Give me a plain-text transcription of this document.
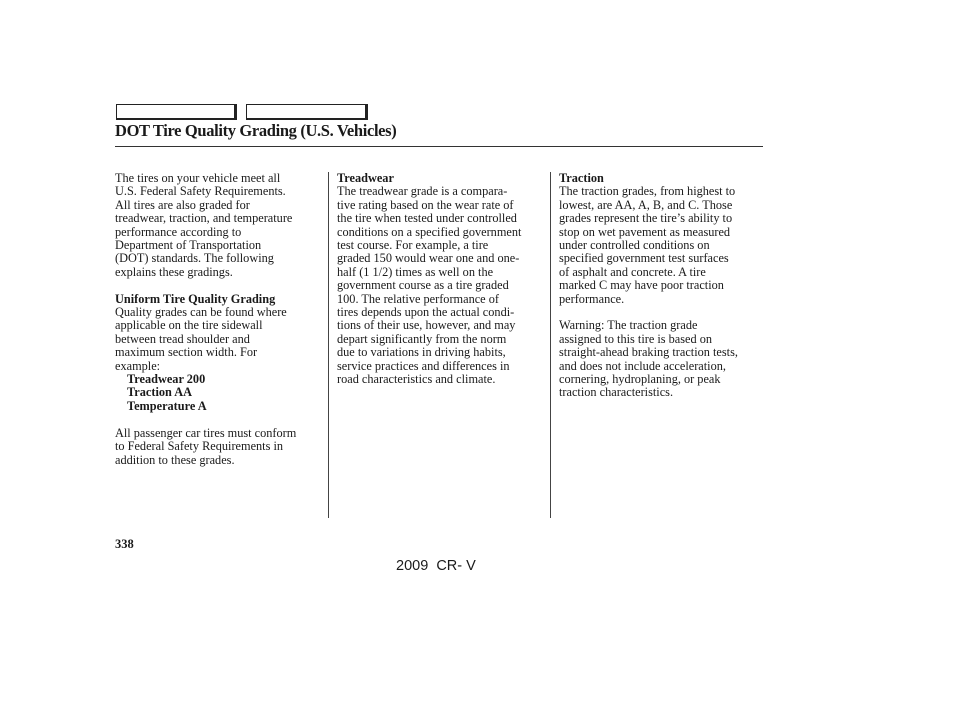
DOT Tire Quality Grading (U.S. Vehicles)
The tires on your vehicle meet all
U.S. Federal Safety Requirements.
All tires are also graded for
treadwear, traction, and temperature
performance according to
Department of Transportation
(DOT) standards. The following
explains these gradings.
Uniform Tire Quality Grading
Quality grades can be found where
applicable on the tire sidewall
between tread shoulder and
maximum section width. For
example:
Treadwear 200
Traction AA
Temperature A
All passenger car tires must conform
to Federal Safety Requirements in
addition to these grades.
Treadwear
The treadwear grade is a compara-
tive rating based on the wear rate of
the tire when tested under controlled
conditions on a specified government
test course. For example, a tire
graded 150 would wear one and one-
half (1 1/2) times as well on the
government course as a tire graded
100. The relative performance of
tires depends upon the actual condi-
tions of their use, however, and may
depart significantly from the norm
due to variations in driving habits,
service practices and differences in
road characteristics and climate.
Traction
The traction grades, from highest to
lowest, are AA, A, B, and C. Those
grades represent the tire’s ability to
stop on wet pavement as measured
under controlled conditions on
specified government test surfaces
of asphalt and concrete. A tire
marked C may have poor traction
performance.
Warning: The traction grade
assigned to this tire is based on
straight-ahead braking traction tests,
and does not include acceleration,
cornering, hydroplaning, or peak
traction characteristics.
338
2009  CR- V
